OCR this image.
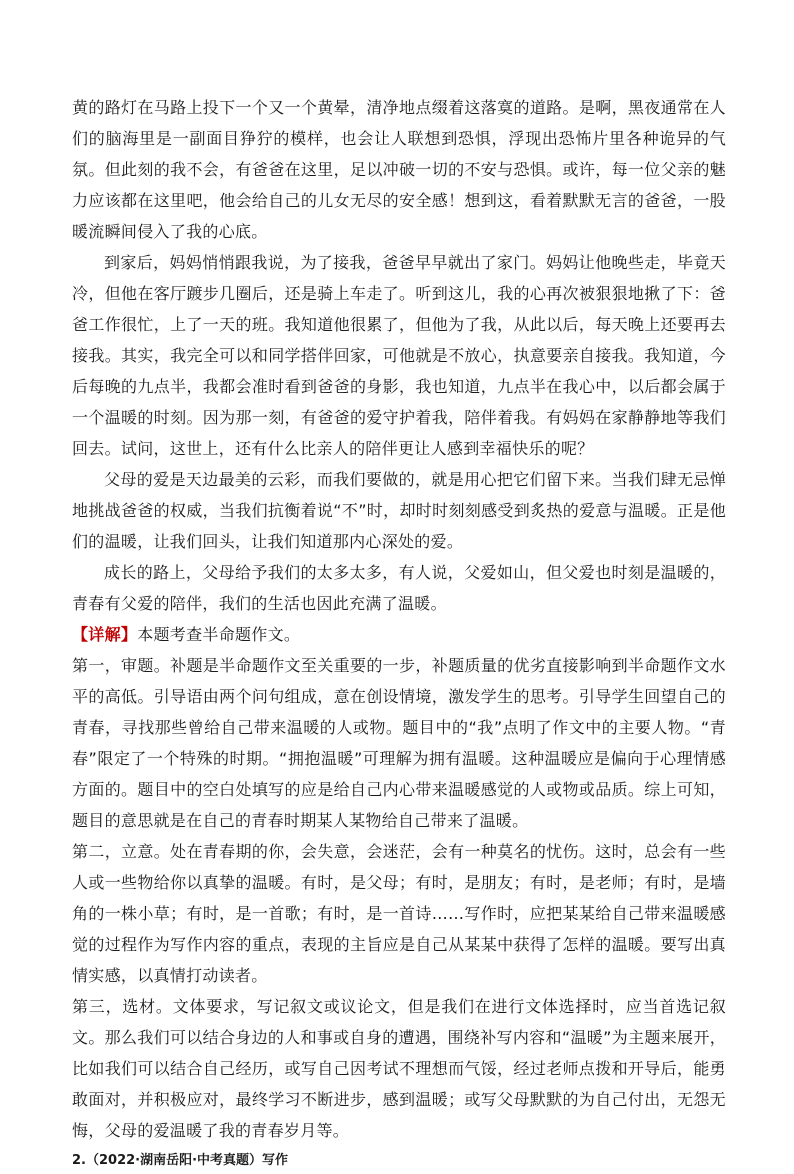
黄的路灯在马路上投下一个又一个黄晕，清净地点缀着这落寞的道路。是啊，黑夜通常在人们的脑海里是一副面目狰狞的模样，也会让人联想到恐惧，浮现出恐怖片里各种诡异的气氛。但此刻的我不会，有爸爸在这里，足以冲破一切的不安与恐惧。或许，每一位父亲的魅力应该都在这里吧，他会给自己的儿女无尽的安全感！想到这，看着默默无言的爸爸，一股暖流瞬间侵入了我的心底。

到家后，妈妈悄悄跟我说，为了接我，爸爸早早就出了家门。妈妈让他晚些走，毕竟天冷，但他在客厅踱步几圈后，还是骑上车走了。听到这儿，我的心再次被狠狠地揪了下：爸爸工作很忙，上了一天的班。我知道他很累了，但他为了我，从此以后，每天晚上还要再去接我。其实，我完全可以和同学搭伴回家，可他就是不放心，执意要亲自接我。我知道，今后每晚的九点半，我都会准时看到爸爸的身影，我也知道，九点半在我心中，以后都会属于一个温暖的时刻。因为那一刻，有爸爸的爱守护着我，陪伴着我。有妈妈在家静静地等我们回去。试问，这世上，还有什么比亲人的陪伴更让人感到幸福快乐的呢？

父母的爱是天边最美的云彩，而我们要做的，就是用心把它们留下来。当我们肆无忌惮地挑战爸爸的权威，当我们抗衡着说“不”时，却时时刻刻感受到炙热的爱意与温暖。正是他们的温暖，让我们回头，让我们知道那内心深处的爱。

成长的路上，父母给予我们的太多太多，有人说，父爱如山，但父爱也时刻是温暖的，青春有父爱的陪伴，我们的生活也因此充满了温暖。

【详解】本题考查半命题作文。

第一，审题。补题是半命题作文至关重要的一步，补题质量的优劣直接影响到半命题作文水平的高低。引导语由两个问句组成，意在创设情境，激发学生的思考。引导学生回望自己的青春，寻找那些曾给自己带来温暖的人或物。题目中的“我”点明了作文中的主要人物。“青春”限定了一个特殊的时期。“拥抱温暖”可理解为拥有温暖。这种温暖应是偏向于心理情感方面的。题目中的空白处填写的应是给自己内心带来温暖感觉的人或物或品质。综上可知，题目的意思就是在自己的青春时期某人某物给自己带来了温暖。

第二，立意。处在青春期的你，会失意，会迷茫，会有一种莫名的忧伤。这时，总会有一些人或一些物给你以真挚的温暖。有时，是父母；有时，是朋友；有时，是老师；有时，是墙角的一株小草；有时，是一首歌；有时，是一首诗……写作时，应把某某给自己带来温暖感觉的过程作为写作内容的重点，表现的主旨应是自己从某某中获得了怎样的温暖。要写出真情实感，以真情打动读者。

第三，选材。文体要求，写记叙文或议论文，但是我们在进行文体选择时，应当首选记叙文。那么我们可以结合身边的人和事或自身的遭遇，围绕补写内容和“温暖”为主题来展开，比如我们可以结合自己经历，或写自己因考试不理想而气馁，经过老师点拨和开导后，能勇敢面对，并积极应对，最终学习不断进步，感到温暖；或写父母默默的为自己付出，无怨无悔，父母的爱温暖了我的青春岁月等。

2.（2022·湖南岳阳·中考真题）写作
